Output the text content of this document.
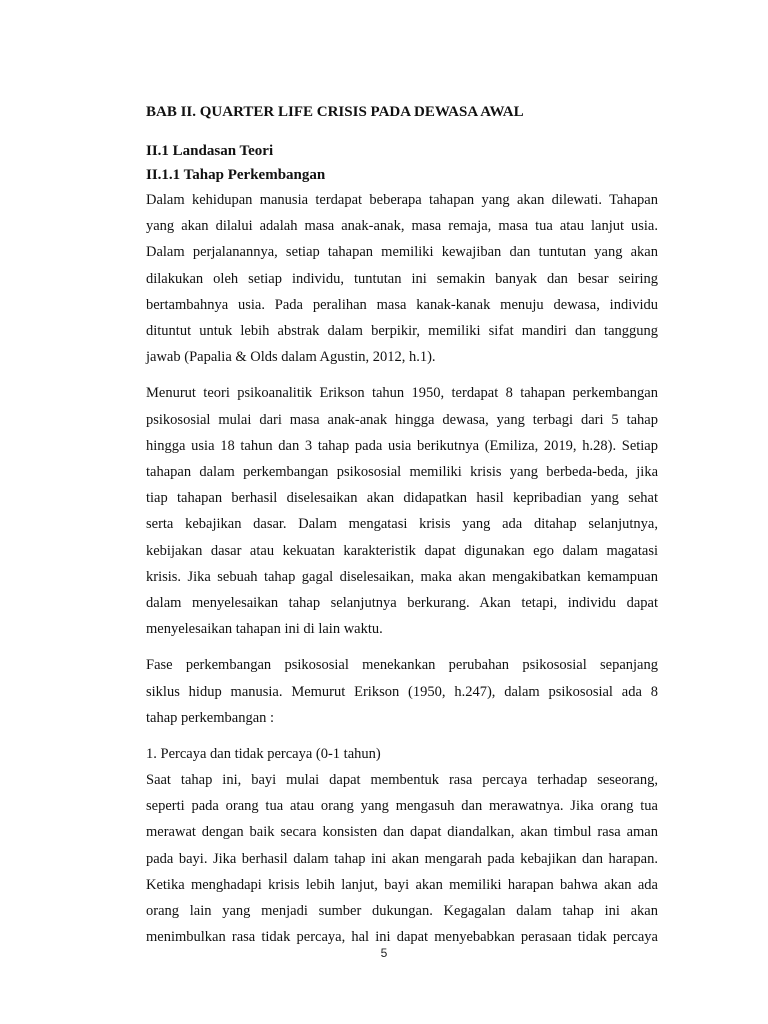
BAB II. QUARTER LIFE CRISIS PADA DEWASA AWAL
II.1 Landasan Teori
II.1.1 Tahap Perkembangan
Dalam kehidupan manusia terdapat beberapa tahapan yang akan dilewati. Tahapan
yang akan dilalui adalah masa anak-anak, masa remaja, masa tua atau lanjut usia.
Dalam perjalanannya, setiap tahapan memiliki kewajiban dan tuntutan yang akan
dilakukan oleh setiap individu, tuntutan ini semakin banyak dan besar seiring
bertambahnya usia. Pada peralihan masa kanak-kanak menuju dewasa, individu
dituntut untuk lebih abstrak dalam berpikir, memiliki sifat mandiri dan tanggung
jawab (Papalia & Olds dalam Agustin, 2012, h.1).
Menurut teori psikoanalitik Erikson tahun 1950, terdapat 8 tahapan perkembangan
psikososial mulai dari masa anak-anak hingga dewasa, yang terbagi dari 5 tahap
hingga usia 18 tahun dan 3 tahap pada usia berikutnya (Emiliza, 2019, h.28). Setiap
tahapan dalam perkembangan psikososial memiliki krisis yang berbeda-beda, jika
tiap tahapan berhasil diselesaikan akan didapatkan hasil kepribadian yang sehat
serta kebajikan dasar. Dalam mengatasi krisis yang ada ditahap selanjutnya,
kebijakan dasar atau kekuatan karakteristik dapat digunakan ego dalam magatasi
krisis. Jika sebuah tahap gagal diselesaikan, maka akan mengakibatkan kemampuan
dalam menyelesaikan tahap selanjutnya berkurang. Akan tetapi, individu dapat
menyelesaikan tahapan ini di lain waktu.
Fase perkembangan psikososial menekankan perubahan psikososial sepanjang
siklus hidup manusia. Memurut Erikson (1950, h.247), dalam psikososial ada 8
tahap perkembangan :

1. Percaya dan tidak percaya (0-1 tahun)

Saat tahap ini, bayi mulai dapat membentuk rasa percaya terhadap seseorang,
seperti pada orang tua atau orang yang mengasuh dan merawatnya. Jika orang tua
merawat dengan baik secara konsisten dan dapat diandalkan, akan timbul rasa aman
pada bayi. Jika berhasil dalam tahap ini akan mengarah pada kebajikan dan harapan.
Ketika menghadapi krisis lebih lanjut, bayi akan memiliki harapan bahwa akan ada
orang lain yang menjadi sumber dukungan. Kegagalan dalam tahap ini akan
menimbulkan rasa tidak percaya, hal ini dapat menyebabkan perasaan tidak percaya
5
